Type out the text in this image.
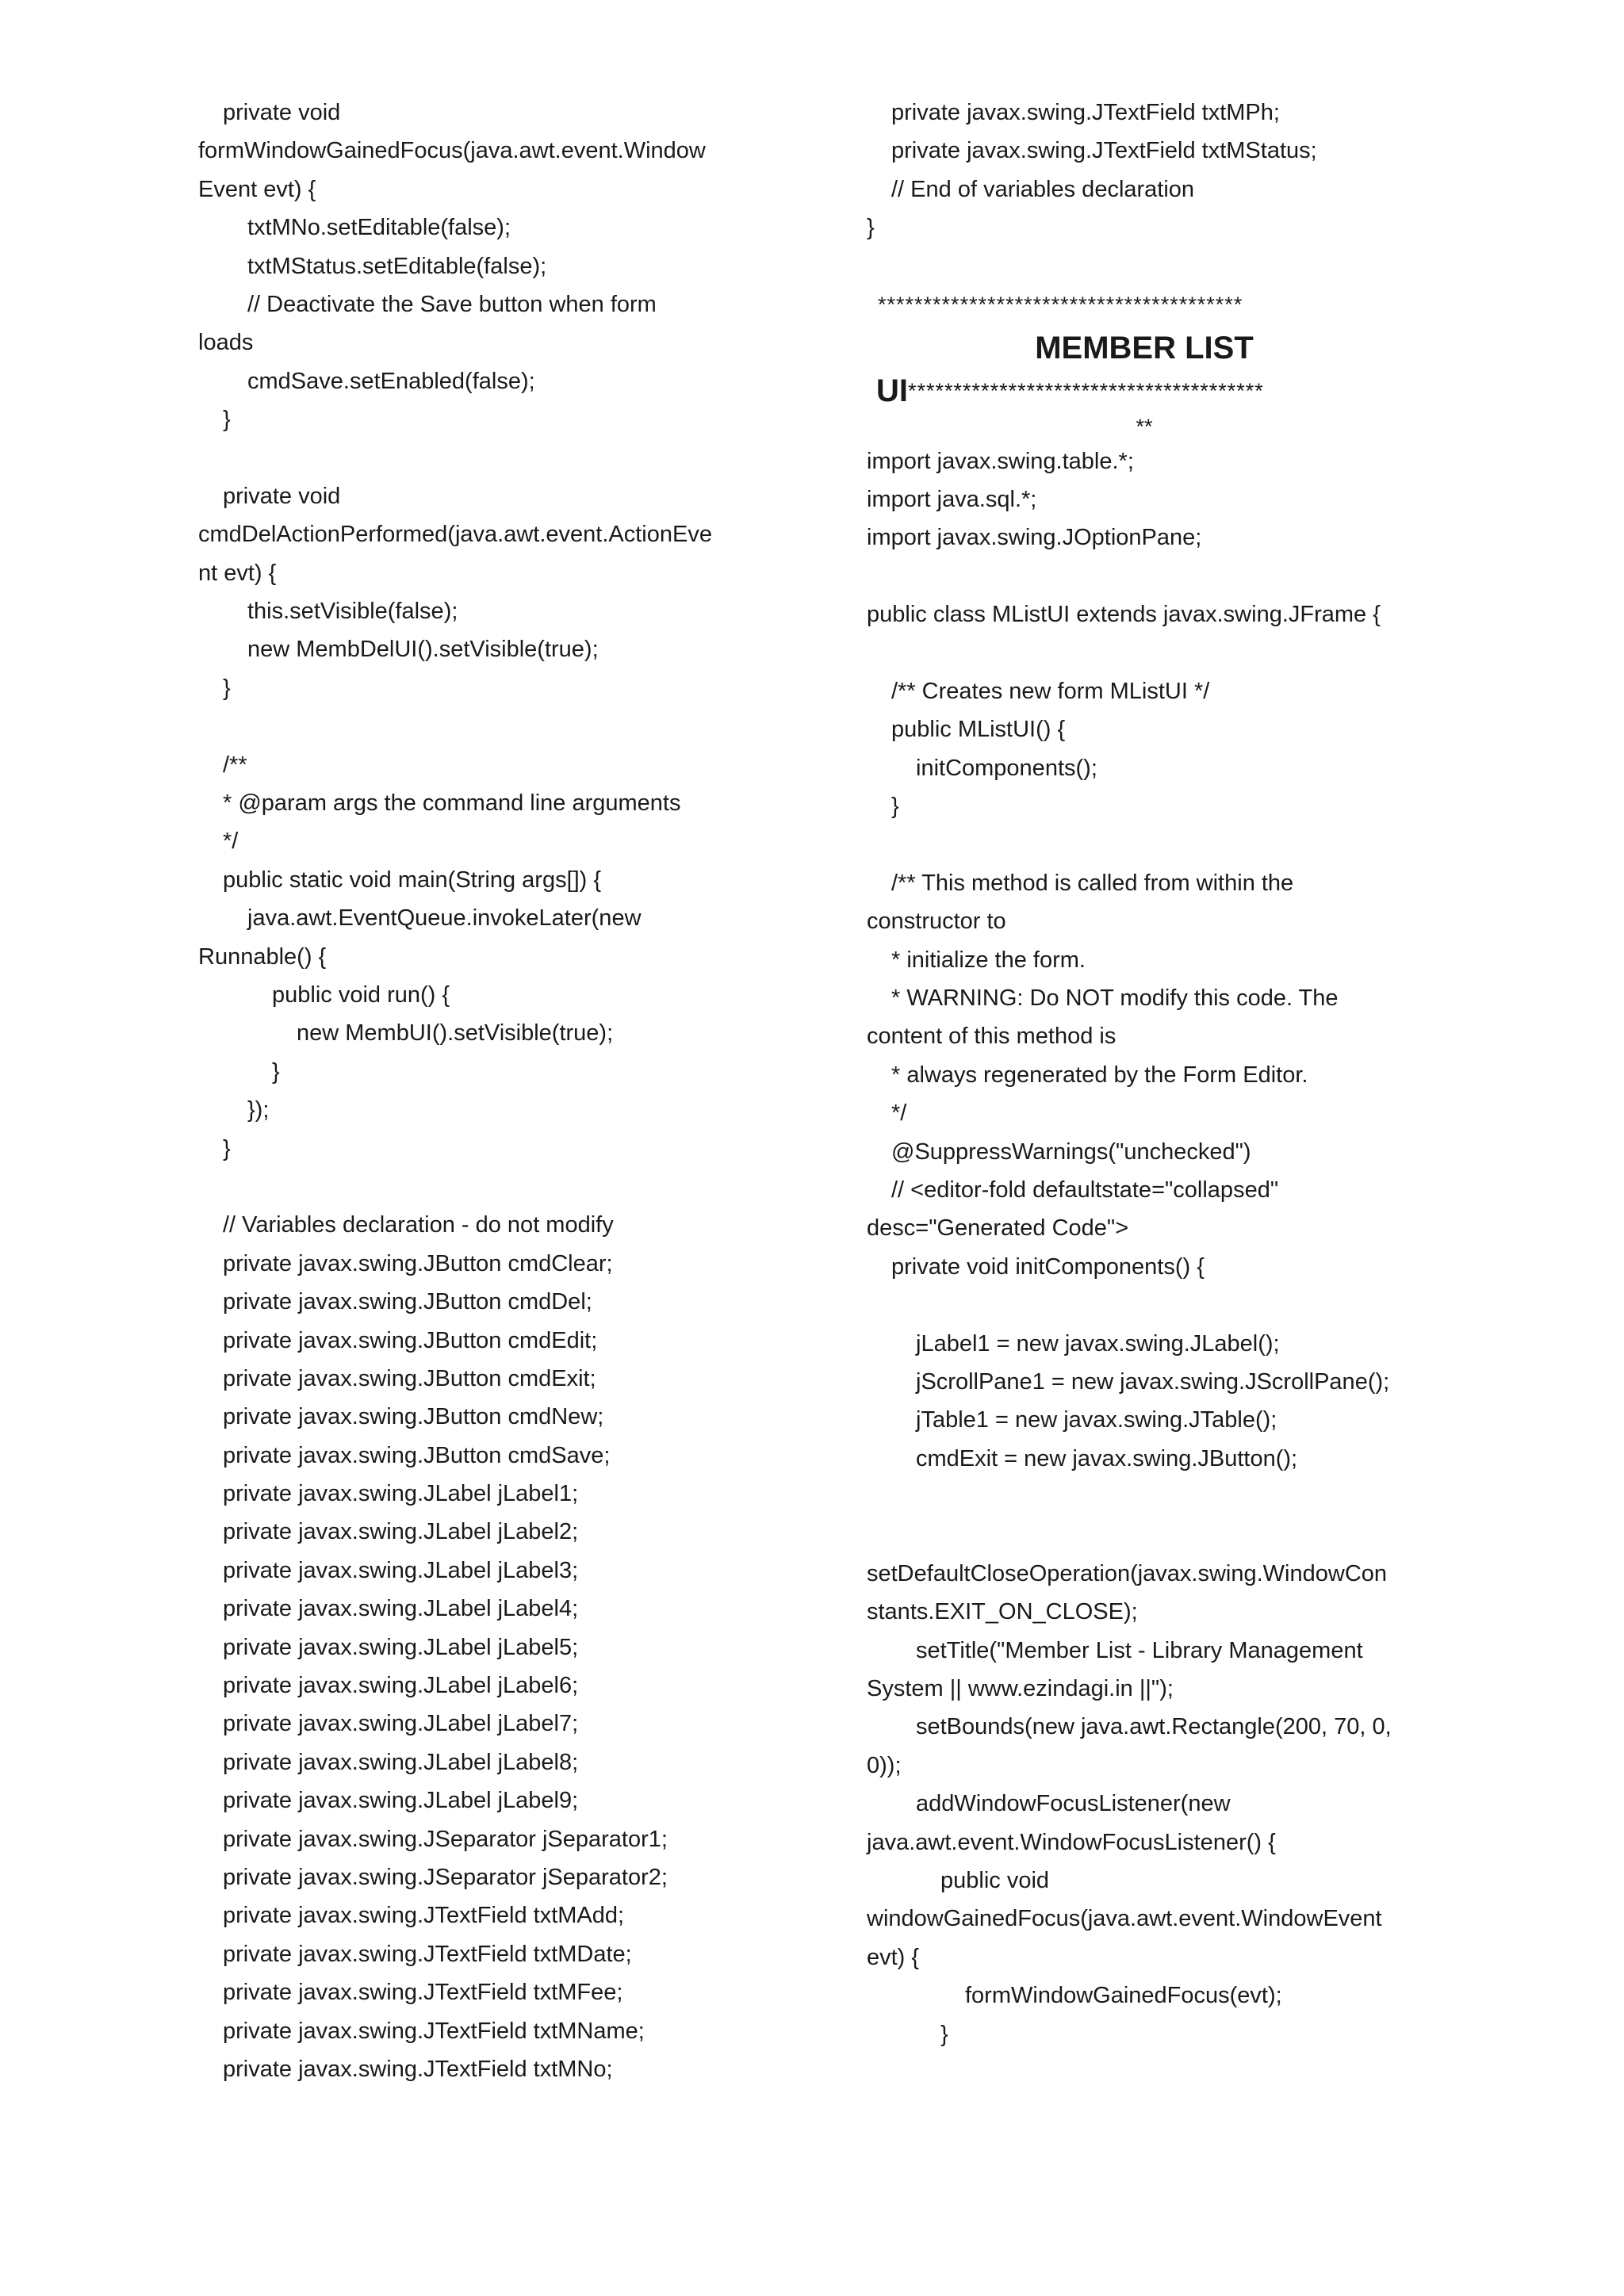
private void
formWindowGainedFocus(java.awt.event.Window
Event evt) {
txtMNo.setEditable(false);
txtMStatus.setEditable(false);
// Deactivate the Save button when form
loads
cmdSave.setEnabled(false);
}
private void
cmdDelActionPerformed(java.awt.event.ActionEve
nt evt) {
this.setVisible(false);
new MembDelUI().setVisible(true);
}
/**
* @param args the command line arguments
*/
public static void main(String args[]) {
java.awt.EventQueue.invokeLater(new
Runnable() {
public void run() {
new MembUI().setVisible(true);
}
});
}
// Variables declaration - do not modify
private javax.swing.JButton cmdClear;
private javax.swing.JButton cmdDel;
private javax.swing.JButton cmdEdit;
private javax.swing.JButton cmdExit;
private javax.swing.JButton cmdNew;
private javax.swing.JButton cmdSave;
private javax.swing.JLabel jLabel1;
private javax.swing.JLabel jLabel2;
private javax.swing.JLabel jLabel3;
private javax.swing.JLabel jLabel4;
private javax.swing.JLabel jLabel5;
private javax.swing.JLabel jLabel6;
private javax.swing.JLabel jLabel7;
private javax.swing.JLabel jLabel8;
private javax.swing.JLabel jLabel9;
private javax.swing.JSeparator jSeparator1;
private javax.swing.JSeparator jSeparator2;
private javax.swing.JTextField txtMAdd;
private javax.swing.JTextField txtMDate;
private javax.swing.JTextField txtMFee;
private javax.swing.JTextField txtMName;
private javax.swing.JTextField txtMNo;
private javax.swing.JTextField txtMPh;
private javax.swing.JTextField txtMStatus;
// End of variables declaration
}
****************************************
MEMBER LIST
UI***************************************
**
import javax.swing.table.*;
import java.sql.*;
import javax.swing.JOptionPane;
public class MListUI extends javax.swing.JFrame {
/** Creates new form MListUI */
public MListUI() {
initComponents();
}
/** This method is called from within the
constructor to
* initialize the form.
* WARNING: Do NOT modify this code. The
content of this method is
* always regenerated by the Form Editor.
*/
@SuppressWarnings("unchecked")
// <editor-fold defaultstate="collapsed"
desc="Generated Code">
private void initComponents() {
jLabel1 = new javax.swing.JLabel();
jScrollPane1 = new javax.swing.JScrollPane();
jTable1 = new javax.swing.JTable();
cmdExit = new javax.swing.JButton();
setDefaultCloseOperation(javax.swing.WindowCon
stants.EXIT_ON_CLOSE);
setTitle("Member List - Library Management
System || www.ezindagi.in ||");
setBounds(new java.awt.Rectangle(200, 70, 0,
0));
addWindowFocusListener(new
java.awt.event.WindowFocusListener() {
public void
windowGainedFocus(java.awt.event.WindowEvent
evt) {
formWindowGainedFocus(evt);
}
